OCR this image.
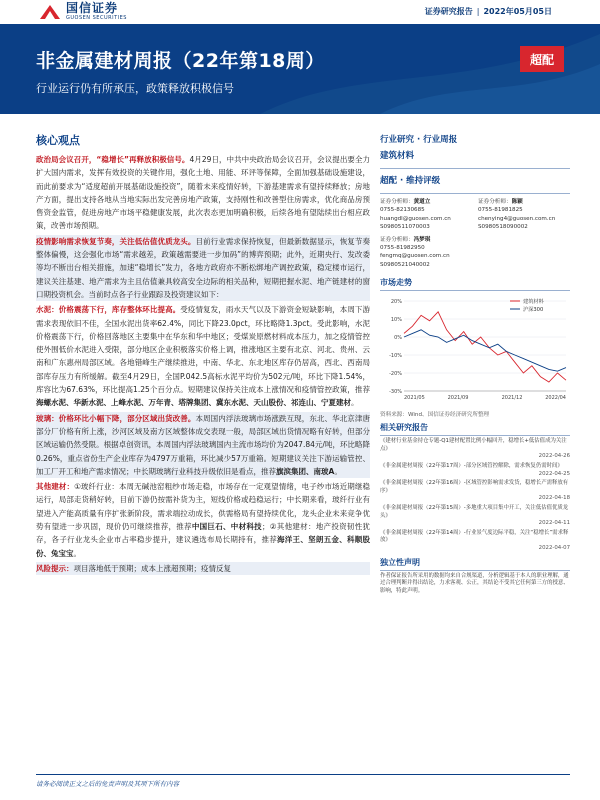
国信证券
GUOSEN SECURITIES
证券研究报告 | 2022年05月05日
非金属建材周报（22年第18周）
行业运行仍有所承压，政策释放积极信号
超配
核心观点

政治局会议召开，“稳增长”再释放积极信号。4月29日，中共中央政治局会议召开，会议提出要全力扩大国内需求，发挥有效投资的关键作用，强化土地、用能、环评等保障，全面加强基础设施建设，而此前要求为“适度超前开展基础设施投资”，随着未来疫情好转，下游基建需求有望持续释放；房地产方面，提出支持各地从当地实际出发完善房地产政策，支持刚性和改善型住房需求，优化商品房预售资金监管，促进房地产市场平稳健康发展，此次表态更加明确积极，后续各地有望陆续出台相应政策，改善市场预期。

疫情影响需求恢复节奏，关注低估值优质龙头。目前行业需求保持恢复，但最新数据显示，恢复节奏整体偏慢，这会强化市场“需求越差，政策越需要进一步加码”的博弈预期；此外，近期央行、发改委等均不断出台相关措施，加速“稳增长”发力，各地方政府亦不断松绑地产调控政策，稳定楼市运行，建议关注基建、地产需求为主且估值兼具较高安全边际的相关品种，短期把握水泥、地产链建材的窗口期投资机会。当前时点各子行业跟踪及投资建议如下：

水泥：价格震荡下行，库存整体环比提高。受疫情复发，雨水天气以及下游资金短缺影响，本周下游需求表现依旧不佳，全国水泥出货率62.4%，同比下降23.0pct，环比略降1.3pct。受此影响，水泥价格震荡下行，价格回落地区主要集中在华东和华中地区；受煤炭原燃材料成本压力，加之疫情管控使外围低价水泥进入受限，部分地区企业积极落实价格上调，推涨地区主要有北京、河北、贵州、云南和广东惠州局部区域。各地错峰生产继续推进，中南、华北、东北地区库存仍居高，西北、西南局部库存压力有所缓解。截至4月29日，全国P.042.5高标水泥平均价为502元/吨，环比下降1.54%，库容比为67.63%，环比提高1.25个百分点。短期建议保持关注成本上涨情况和疫情管控政策，推荐海螺水泥、华新水泥、上峰水泥、万年青、塔牌集团、冀东水泥、天山股份、祁连山、宁夏建材。

玻璃：价格环比小幅下降，部分区域出货改善。本周国内浮法玻璃市场涨跌互现，东北、华北京津唐部分厂价格有所上涨，沙河区域及南方区域整体成交表现一般，局部区域出货情况略有好转，但部分区域运输仍然受限。根据卓创资讯，本周国内浮法玻璃国内主流市场均价为2047.84元/吨，环比略降0.26%，重点省份生产企业库存为4797万重箱，环比减少57万重箱。短期建议关注下游运输管控、加工厂开工和地产需求情况；中长期玻璃行业科技升级依旧是看点，推荐旗滨集团、南玻A。

其他建材：①玻纤行业：本周无碱池窑粗纱市场走稳，市场存在一定观望情绪，电子纱市场近期继稳运行，局部走货稍好转，目前下游仍按需补货为主，短线价格或趋稳运行；中长期来看，玻纤行业有望进入产能高质量有序扩张新阶段，需求端拉动成长，供需格局有望持续优化，龙头企业未来竞争优势有望进一步巩固，现价仍可继续推荐，推荐中国巨石、中材科技；②其他建材：地产投资韧性犹存，各子行业龙头企业市占率稳步提升，建议遴选布局长期持有，推荐海洋王、坚朗五金、科顺股份、兔宝宝。

风险提示：项目落地低于预期；成本上涨超预期；疫情反复

行业研究 · 行业周报
建筑材料
超配 · 维持评级
证券分析师：黄道立
0755-82130685
huangdl@guosen.com.cn
S0980511070003
证券分析师：陈颖
0755-81981825
chenying4@guosen.com.cn
S0980518090002
证券分析师：冯梦琪
0755-81982950
fengmq@guosen.com.cn
S0980521040002
市场走势
20%
10%
0%
-10%
-20%
-30%
2021/05	2021/09	2021/12	2022/04
建筑材料
沪深300
资料来源：Wind、国信证券经济研究所整理
相关研究报告
《建材行业基金持仓专题-Q1建材配置比例小幅回升，稳增长+低估值成为关注点》
2022-04-26
《非金属建材周报（22年第17周）-部分区域管控解除，需求恢复仍需时间》
2022-04-25
《非金属建材周报（22年第16周）-区域管控影响需求发货，稳增长产需释放有序》
2022-04-18
《非金属建材周报（22年第15周）-多地重大项目集中开工，关注低估值优质龙头》
2022-04-11
《非金属建材周报（22年第14周）-行业景气度边际平稳，关注“稳增长”需求释放》
2022-04-07
独立性声明
作者保证报告所采用的数据均来自合规渠道，分析逻辑基于本人的职业理解，通过合理判断并得出结论，力求客观、公正，其结论不受其它任何第三方的授意、影响，特此声明。
请务必阅读正文之后的免责声明及其项下所有内容
